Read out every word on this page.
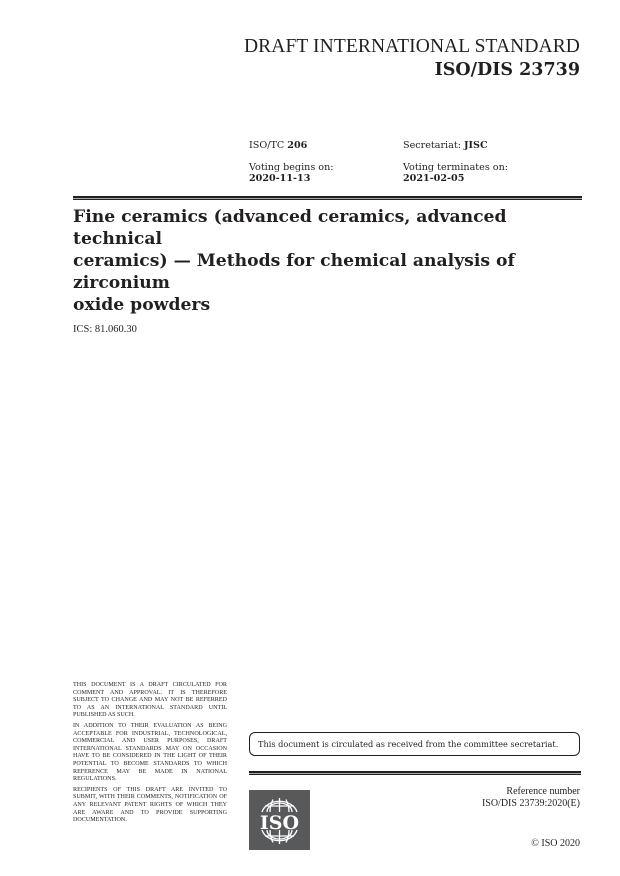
DRAFT INTERNATIONAL STANDARD
ISO/DIS 23739
ISO/TC 206	Secretariat: JISC
Voting begins on:
2020-11-13
Voting terminates on:
2021-02-05
Fine ceramics (advanced ceramics, advanced technical
ceramics) — Methods for chemical analysis of zirconium
oxide powders
ICS: 81.060.30

THIS DOCUMENT IS A DRAFT CIRCULATED FOR COMMENT AND APPROVAL. IT IS THEREFORE SUBJECT TO CHANGE AND MAY NOT BE REFERRED TO AS AN INTERNATIONAL STANDARD UNTIL PUBLISHED AS SUCH.

IN ADDITION TO THEIR EVALUATION AS BEING ACCEPTABLE FOR INDUSTRIAL, TECHNOLOGICAL, COMMERCIAL AND USER PURPOSES, DRAFT INTERNATIONAL STANDARDS MAY ON OCCASION HAVE TO BE CONSIDERED IN THE LIGHT OF THEIR POTENTIAL TO BECOME STANDARDS TO WHICH REFERENCE MAY BE MADE IN NATIONAL REGULATIONS.

RECIPIENTS OF THIS DRAFT ARE INVITED TO SUBMIT, WITH THEIR COMMENTS, NOTIFICATION OF ANY RELEVANT PATENT RIGHTS OF WHICH THEY ARE AWARE AND TO PROVIDE SUPPORTING DOCUMENTATION.

This document is circulated as received from the committee secretariat.
ISO
Reference number
ISO/DIS 23739:2020(E)
© ISO 2020
